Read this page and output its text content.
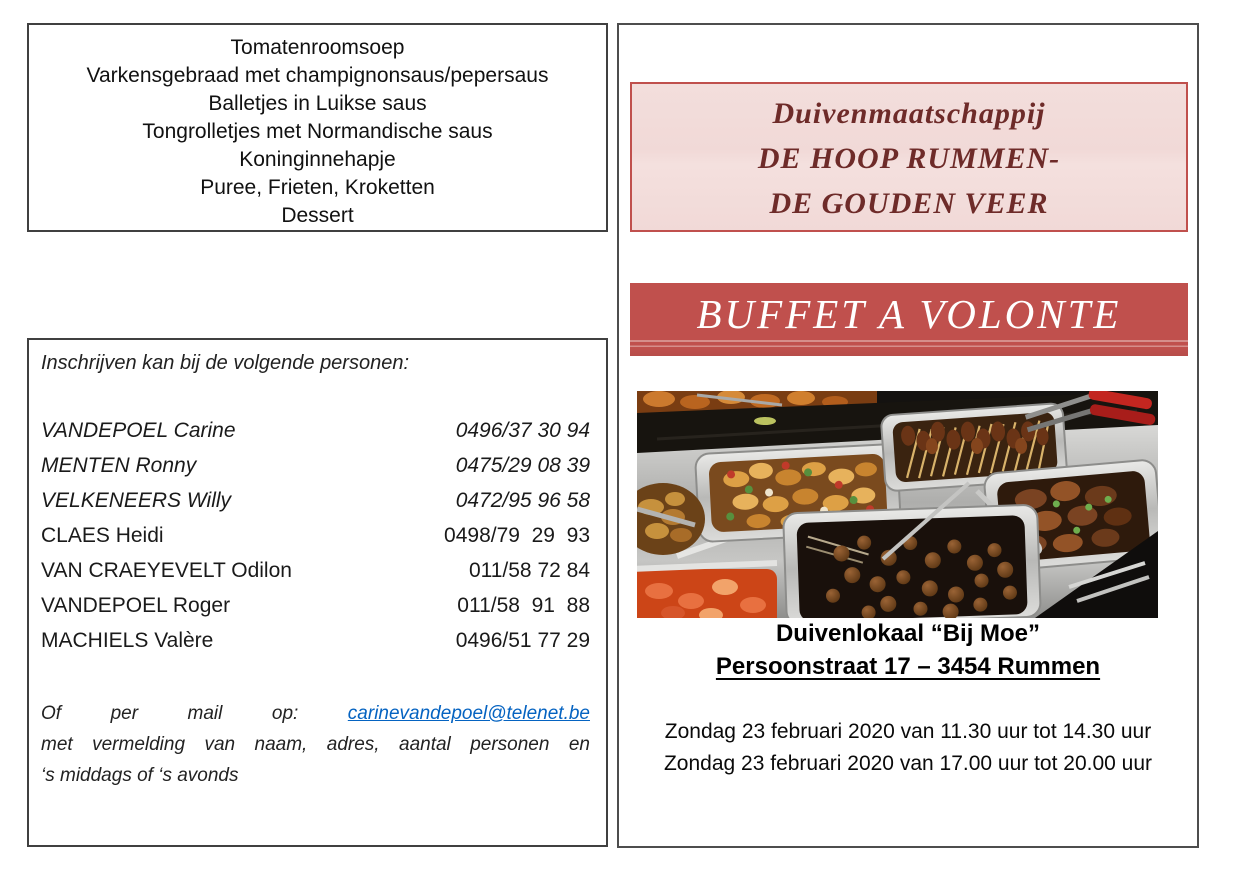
Tomatenroomsoep
Varkensgebraad met champignonsaus/pepersaus
Balletjes in Luikse saus
Tongrolletjes met Normandische saus
Koninginnehapje
Puree, Frieten, Kroketten
Dessert
Inschrijven kan bij de volgende personen:
VANDEPOEL Carine	0496/37 30 94
MENTEN Ronny	0475/29 08 39
VELKENEERS Willy	0472/95 96 58
CLAES Heidi	0498/79  29  93
VAN CRAEYEVELT Odilon	011/58 72 84
VANDEPOEL Roger	011/58  91  88
MACHIELS Valère	0496/51 77 29
Of	per	mail	op:	carinevandepoel@telenet.be
met vermelding van naam, adres, aantal personen en
‘s middags of ‘s avonds
Duivenmaatschappij
DE HOOP RUMMEN-
DE GOUDEN VEER
BUFFET A VOLONTE
Duivenlokaal “Bij Moe”
Persoonstraat 17 – 3454 Rummen
Zondag 23 februari 2020 van 11.30 uur tot 14.30 uur
Zondag 23 februari 2020 van 17.00 uur tot 20.00 uur
